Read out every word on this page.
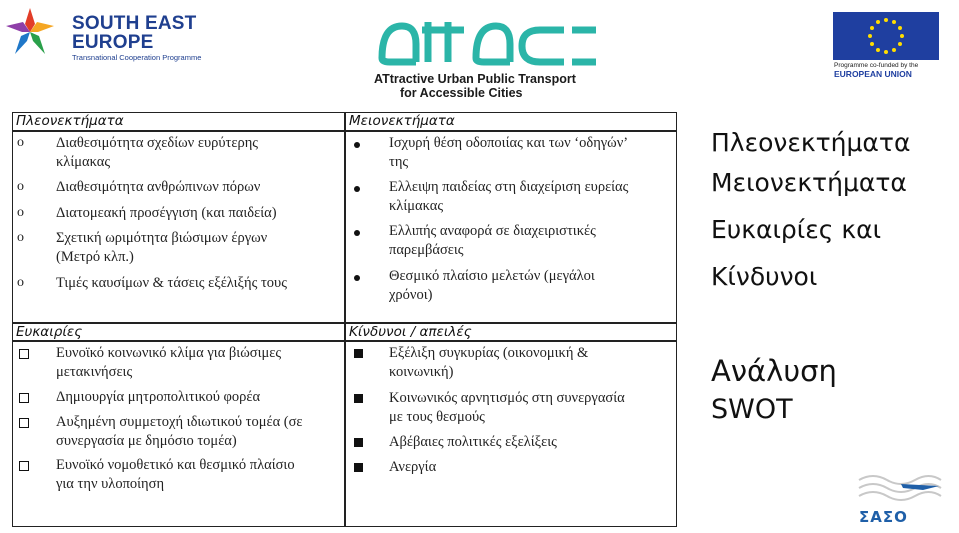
SOUTH EAST
EUROPE
Transnational Cooperation Programme
ATtractive Urban Public Transport
for Accessible Cities
Programme co-funded by the
EUROPEAN UNION
Πλεονεκτήματα
o Διαθεσιμότητα σχεδίων ευρύτερης
κλίμακας
o Διαθεσιμότητα ανθρώπινων πόρων
o Διατομεακή προσέγγιση (και παιδεία)
o Σχετική ωριμότητα βιώσιμων έργων
(Μετρό κλπ.)
o Τιμές καυσίμων & τάσεις εξέλιξής τους
Μειονεκτήματα
Ισχυρή θέση οδοποιίας και των ‘οδηγών’
της
Ελλειψη παιδείας στη διαχείριση ευρείας
κλίμακας
Ελλιπής αναφορά σε διαχειριστικές
παρεμβάσεις
Θεσμικό πλαίσιο μελετών (μεγάλοι
χρόνοι)
Ευκαιρίες
Ευνοϊκό κοινωνικό κλίμα για βιώσιμες
μετακινήσεις
Δημιουργία μητροπολιτικού φορέα
Αυξημένη συμμετοχή ιδιωτικού τομέα (σε
συνεργασία με δημόσιο τομέα)
Ευνοϊκό νομοθετικό και θεσμικό πλαίσιο
για την υλοποίηση
Κίνδυνοι / απειλές
Εξέλιξη συγκυρίας (οικονομική &
κοινωνική)
Κοινωνικός αρνητισμός στη συνεργασία
με τους θεσμούς
Αβέβαιες πολιτικές εξελίξεις
Ανεργία
Πλεονεκτήματα
Μειονεκτήματα
Ευκαιρίες και
Κίνδυνοι
Ανάλυση
SWOT
ΣΑΣΟ
